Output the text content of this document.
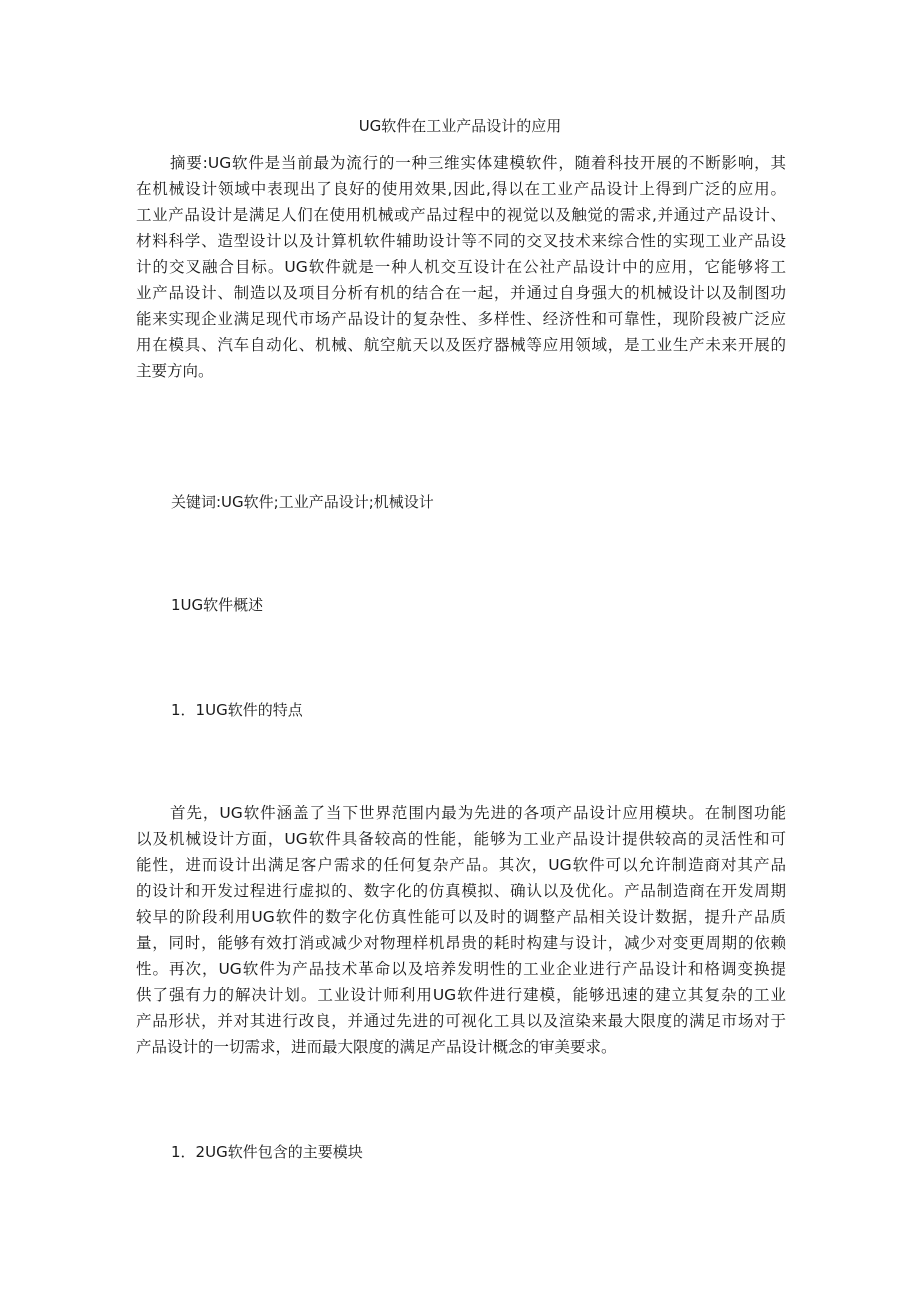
UG软件在工业产品设计的应用
摘要:UG软件是当前最为流行的一种三维实体建模软件，随着科技开展的不断影响，其
在机械设计领域中表现出了良好的使用效果,因此,得以在工业产品设计上得到广泛的应用。
工业产品设计是满足人们在使用机械或产品过程中的视觉以及触觉的需求,并通过产品设计、
材料科学、造型设计以及计算机软件辅助设计等不同的交叉技术来综合性的实现工业产品设
计的交叉融合目标。UG软件就是一种人机交互设计在公社产品设计中的应用，它能够将工
业产品设计、制造以及项目分析有机的结合在一起，并通过自身强大的机械设计以及制图功
能来实现企业满足现代市场产品设计的复杂性、多样性、经济性和可靠性，现阶段被广泛应
用在模具、汽车自动化、机械、航空航天以及医疗器械等应用领域，是工业生产未来开展的
主要方向。
关键词:UG软件;工业产品设计;机械设计
1UG软件概述
1．1UG软件的特点
首先，UG软件涵盖了当下世界范围内最为先进的各项产品设计应用模块。在制图功能
以及机械设计方面，UG软件具备较高的性能，能够为工业产品设计提供较高的灵活性和可
能性，进而设计出满足客户需求的任何复杂产品。其次，UG软件可以允许制造商对其产品
的设计和开发过程进行虚拟的、数字化的仿真模拟、确认以及优化。产品制造商在开发周期
较早的阶段利用UG软件的数字化仿真性能可以及时的调整产品相关设计数据，提升产品质
量，同时，能够有效打消或减少对物理样机昂贵的耗时构建与设计，减少对变更周期的依赖
性。再次，UG软件为产品技术革命以及培养发明性的工业企业进行产品设计和格调变换提
供了强有力的解决计划。工业设计师利用UG软件进行建模，能够迅速的建立其复杂的工业
产品形状，并对其进行改良，并通过先进的可视化工具以及渲染来最大限度的满足市场对于
产品设计的一切需求，进而最大限度的满足产品设计概念的审美要求。
1．2UG软件包含的主要模块
